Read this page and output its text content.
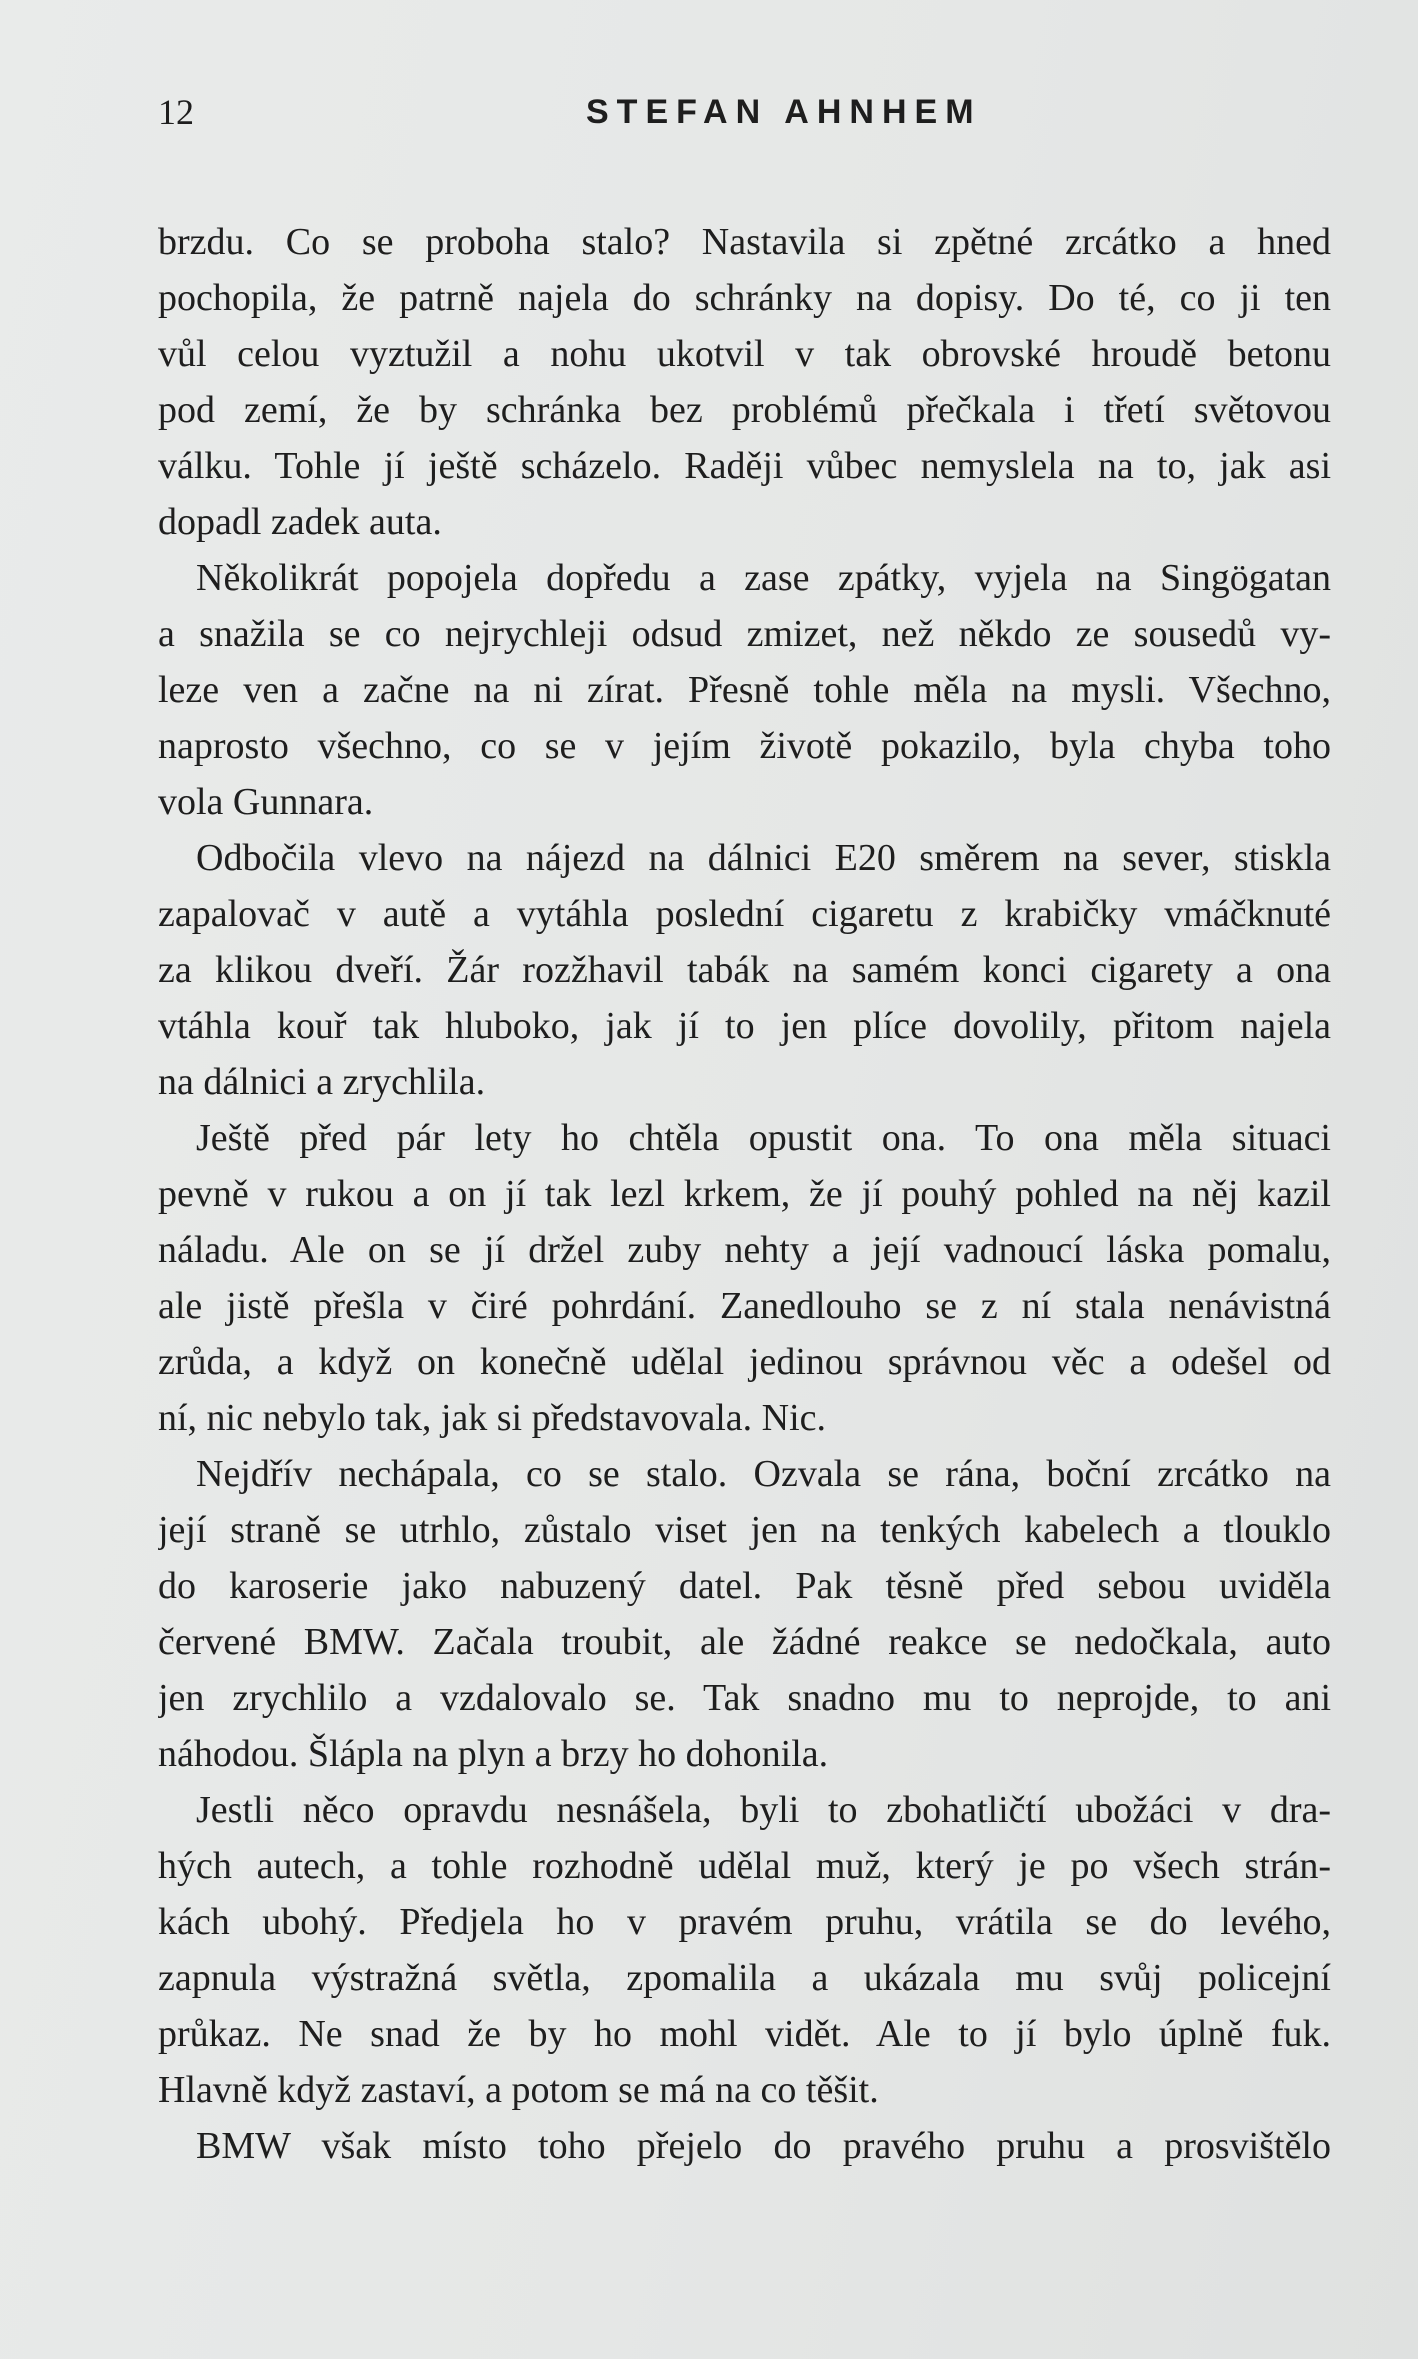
12	STEFAN AHNHEM
brzdu. Co se proboha stalo? Nastavila si zpětné zrcátko a hned
pochopila, že patrně najela do schránky na dopisy. Do té, co ji ten
vůl celou vyztužil a nohu ukotvil v tak obrovské hroudě betonu
pod zemí, že by schránka bez problémů přečkala i třetí světovou
válku. Tohle jí ještě scházelo. Raději vůbec nemyslela na to, jak asi
dopadl zadek auta.
Několikrát popojela dopředu a zase zpátky, vyjela na Singögatan
a snažila se co nejrychleji odsud zmizet, než někdo ze sousedů vy-
leze ven a začne na ni zírat. Přesně tohle měla na mysli. Všechno,
naprosto všechno, co se v jejím životě pokazilo, byla chyba toho
vola Gunnara.
Odbočila vlevo na nájezd na dálnici E20 směrem na sever, stiskla
zapalovač v autě a vytáhla poslední cigaretu z krabičky vmáčknuté
za klikou dveří. Žár rozžhavil tabák na samém konci cigarety a ona
vtáhla kouř tak hluboko, jak jí to jen plíce dovolily, přitom najela
na dálnici a zrychlila.
Ještě před pár lety ho chtěla opustit ona. To ona měla situaci
pevně v rukou a on jí tak lezl krkem, že jí pouhý pohled na něj kazil
náladu. Ale on se jí držel zuby nehty a její vadnoucí láska pomalu,
ale jistě přešla v čiré pohrdání. Zanedlouho se z ní stala nenávistná
zrůda, a když on konečně udělal jedinou správnou věc a odešel od
ní, nic nebylo tak, jak si představovala. Nic.
Nejdřív nechápala, co se stalo. Ozvala se rána, boční zrcátko na
její straně se utrhlo, zůstalo viset jen na tenkých kabelech a tlouklo
do karoserie jako nabuzený datel. Pak těsně před sebou uviděla
červené BMW. Začala troubit, ale žádné reakce se nedočkala, auto
jen zrychlilo a vzdalovalo se. Tak snadno mu to neprojde, to ani
náhodou. Šlápla na plyn a brzy ho dohonila.
Jestli něco opravdu nesnášela, byli to zbohatličtí ubožáci v dra-
hých autech, a tohle rozhodně udělal muž, který je po všech strán-
kách ubohý. Předjela ho v pravém pruhu, vrátila se do levého,
zapnula výstražná světla, zpomalila a ukázala mu svůj policejní
průkaz. Ne snad že by ho mohl vidět. Ale to jí bylo úplně fuk.
Hlavně když zastaví, a potom se má na co těšit.
BMW však místo toho přejelo do pravého pruhu a prosvištělo
